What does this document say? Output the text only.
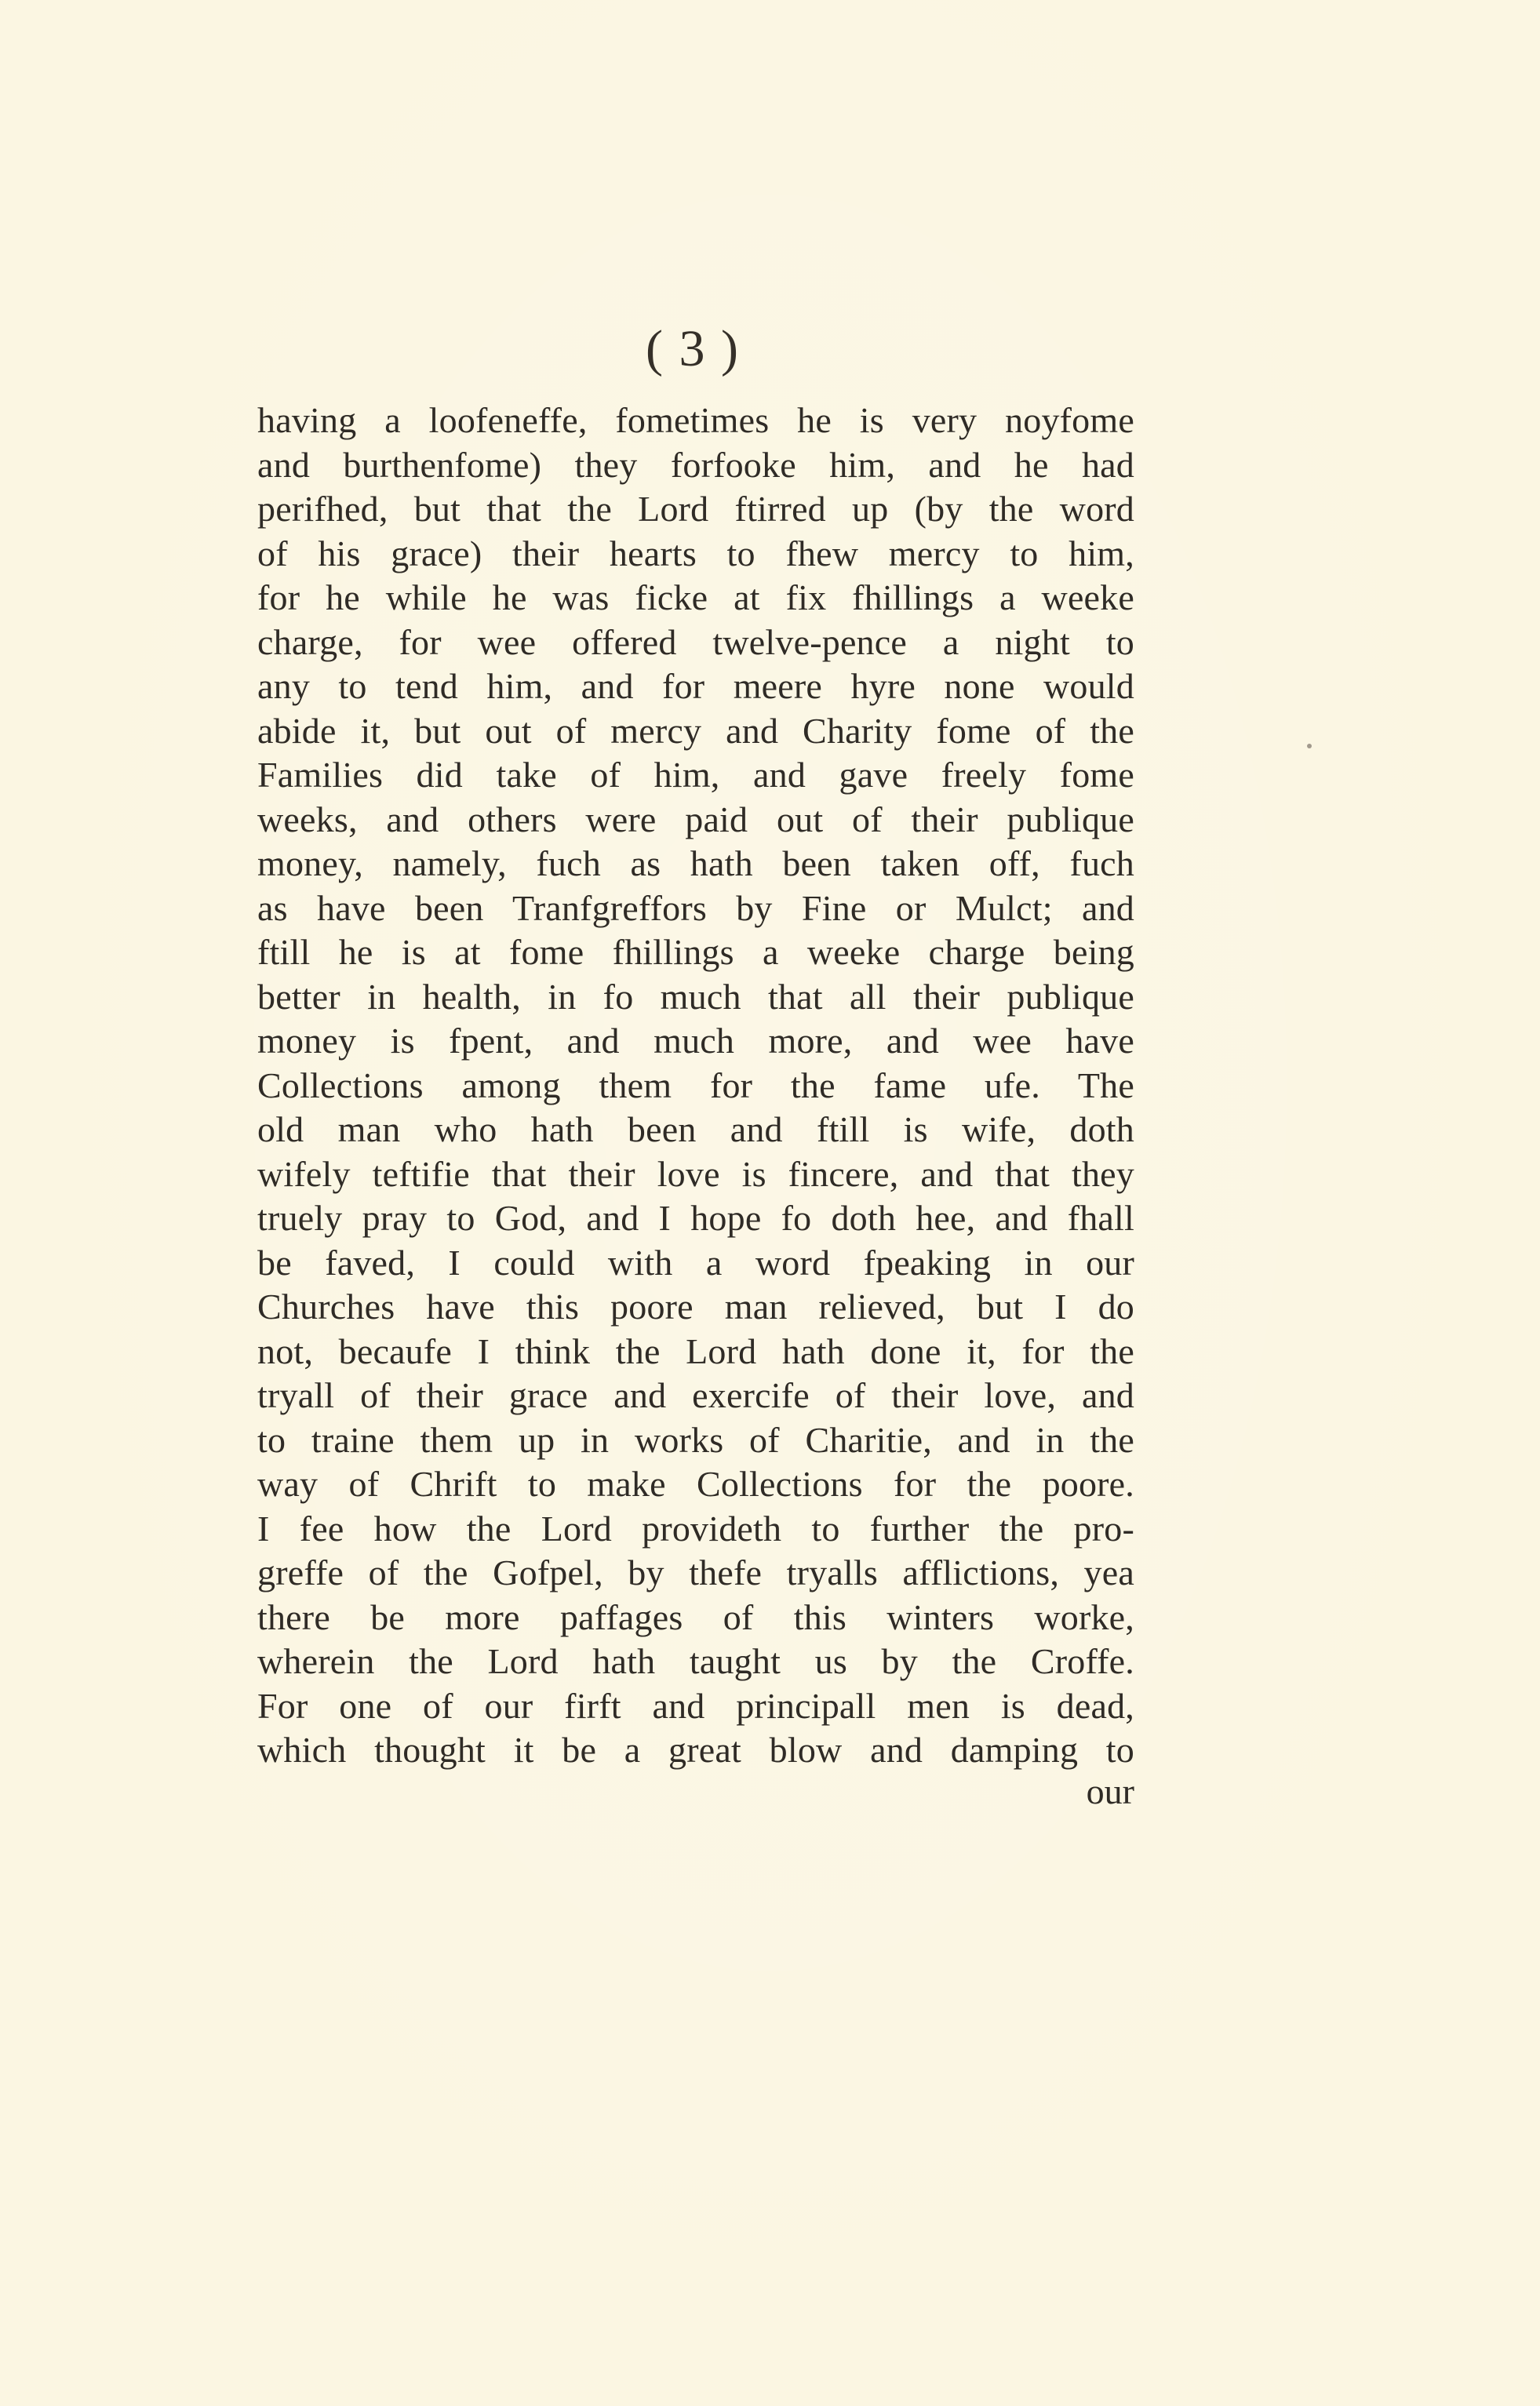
( 3 )
having a loofeneffe, fometimes he is very noyfome
and burthenfome) they forfooke him, and he had
perifhed, but that the Lord ftirred up (by the word
of his grace) their hearts to fhew mercy to him,
for he while he was ficke at fix fhillings a weeke
charge, for wee offered twelve-pence a night to
any to tend him, and for meere hyre none would
abide it, but out of mercy and Charity fome of the
Families did take of him, and gave freely fome
weeks, and others were paid out of their publique
money, namely, fuch as hath been taken off, fuch
as have been Tranfgreffors by Fine or Mulct; and
ftill he is at fome fhillings a weeke charge being
better in health, in fo much that all their publique
money is fpent, and much more, and wee have
Collections among them for the fame ufe. The
old man who hath been and ftill is wife, doth
wifely teftifie that their love is fincere, and that they
truely pray to God, and I hope fo doth hee, and fhall
be faved, I could with a word fpeaking in our
Churches have this poore man relieved, but I do
not, becaufe I think the Lord hath done it, for the
tryall of their grace and exercife of their love, and
to traine them up in works of Charitie, and in the
way of Chrift to make Collections for the poore.
I fee how the Lord provideth to further the pro-
greffe of the Gofpel, by thefe tryalls afflictions, yea
there be more paffages of this winters worke,
wherein the Lord hath taught us by the Croffe.
For one of our firft and principall men is dead,
which thought it be a great blow and damping to
our
